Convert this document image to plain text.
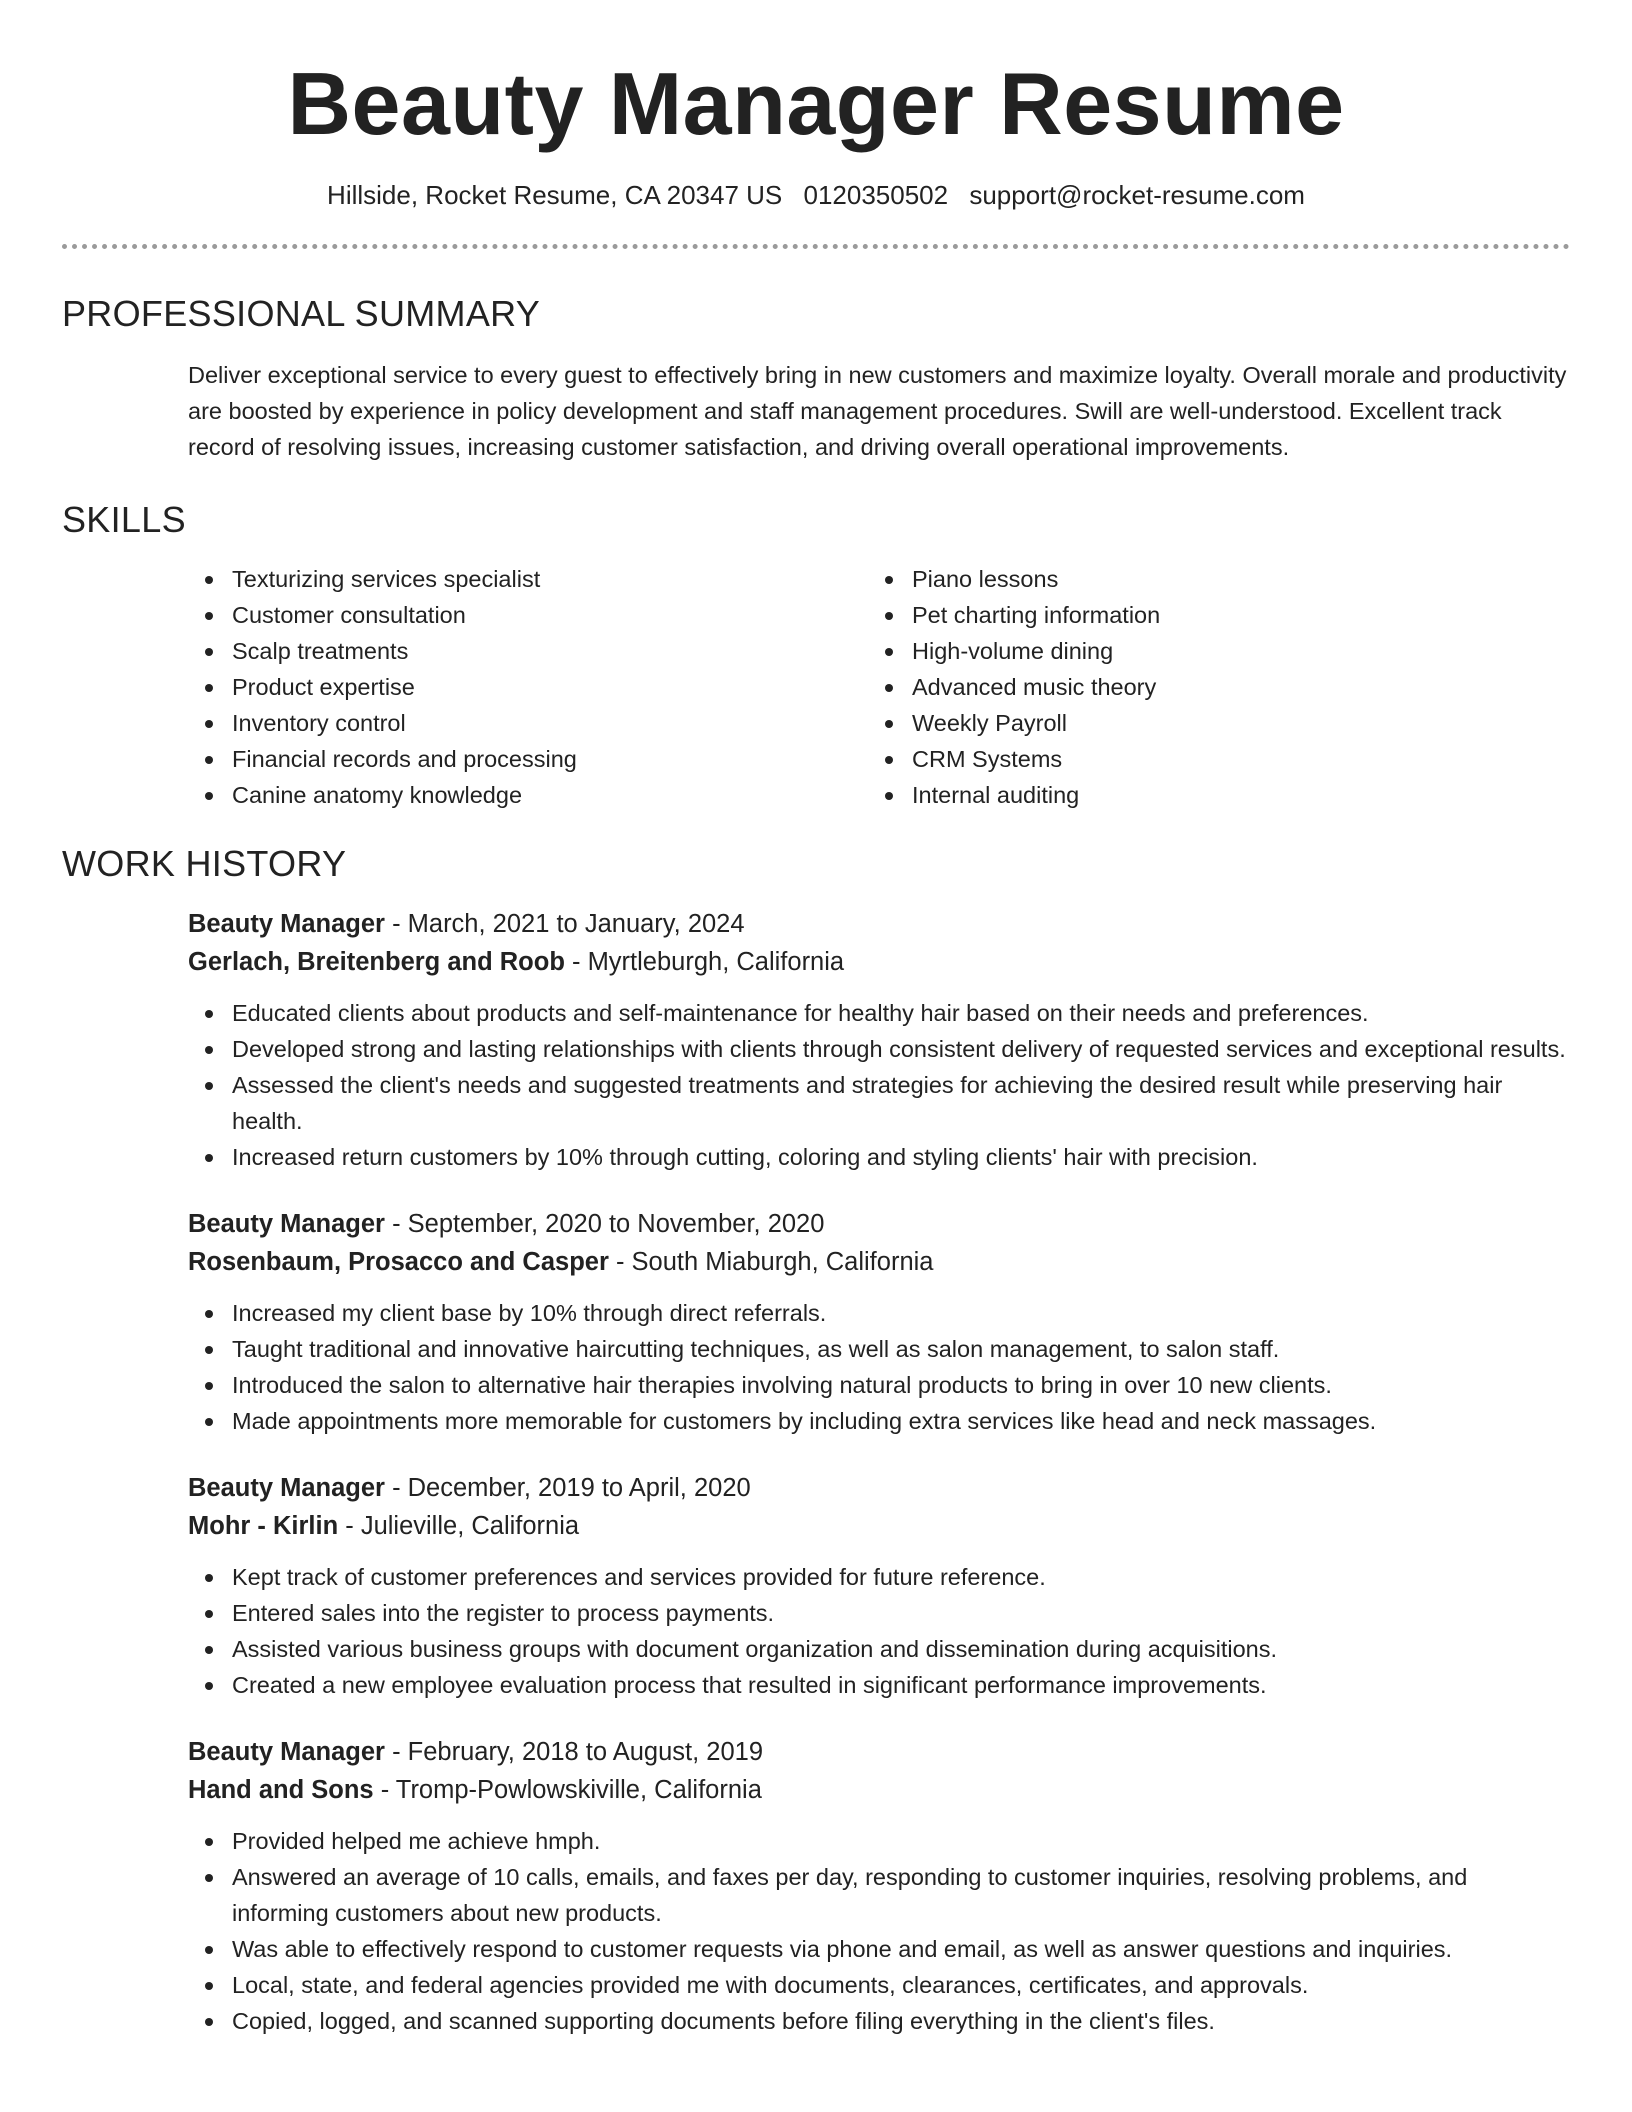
Beauty Manager Resume
Hillside, Rocket Resume, CA 20347 US 0120350502 support@rocket-resume.com
PROFESSIONAL SUMMARY

Deliver exceptional service to every guest to effectively bring in new customers and maximize loyalty. Overall morale and productivity are boosted by experience in policy development and staff management procedures. Swill are well-understood. Excellent track record of resolving issues, increasing customer satisfaction, and driving overall operational improvements.

SKILLS
Texturizing services specialist
Customer consultation
Scalp treatments
Product expertise
Inventory control
Financial records and processing
Canine anatomy knowledge
Piano lessons
Pet charting information
High-volume dining
Advanced music theory
Weekly Payroll
CRM Systems
Internal auditing
WORK HISTORY
Beauty Manager - March, 2021 to January, 2024
Gerlach, Breitenberg and Roob - Myrtleburgh, California
Educated clients about products and self-maintenance for healthy hair based on their needs and preferences.
Developed strong and lasting relationships with clients through consistent delivery of requested services and exceptional results.
Assessed the client's needs and suggested treatments and strategies for achieving the desired result while preserving hair health.
Increased return customers by 10% through cutting, coloring and styling clients' hair with precision.
Beauty Manager - September, 2020 to November, 2020
Rosenbaum, Prosacco and Casper - South Miaburgh, California
Increased my client base by 10% through direct referrals.
Taught traditional and innovative haircutting techniques, as well as salon management, to salon staff.
Introduced the salon to alternative hair therapies involving natural products to bring in over 10 new clients.
Made appointments more memorable for customers by including extra services like head and neck massages.
Beauty Manager - December, 2019 to April, 2020
Mohr - Kirlin - Julieville, California
Kept track of customer preferences and services provided for future reference.
Entered sales into the register to process payments.
Assisted various business groups with document organization and dissemination during acquisitions.
Created a new employee evaluation process that resulted in significant performance improvements.
Beauty Manager - February, 2018 to August, 2019
Hand and Sons - Tromp-Powlowskiville, California
Provided helped me achieve hmph.
Answered an average of 10 calls, emails, and faxes per day, responding to customer inquiries, resolving problems, and informing customers about new products.
Was able to effectively respond to customer requests via phone and email, as well as answer questions and inquiries.
Local, state, and federal agencies provided me with documents, clearances, certificates, and approvals.
Copied, logged, and scanned supporting documents before filing everything in the client's files.
